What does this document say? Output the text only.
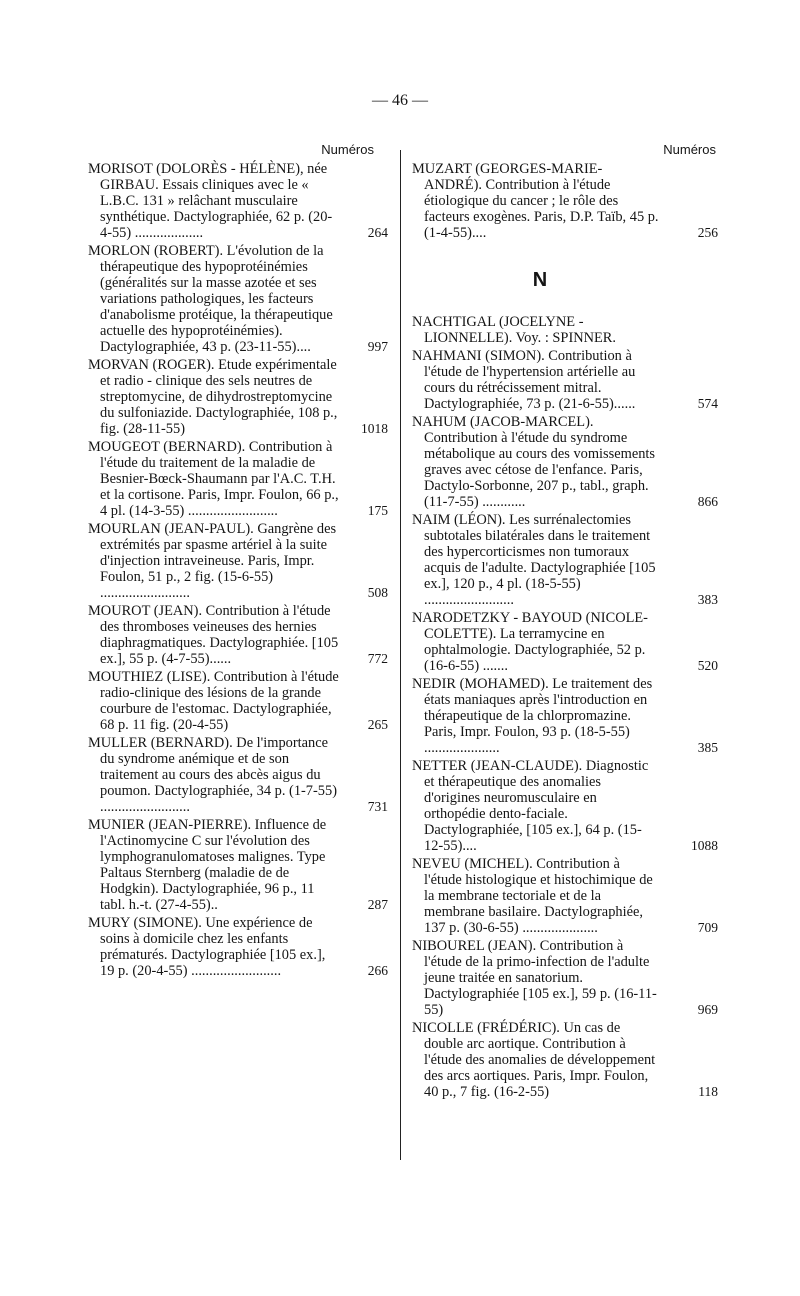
— 46 —
Numéros
MORISOT (DOLORÈS - HÉLÈNE), née GIRBAU. Essais cliniques avec le « L.B.C. 131 » relâchant musculaire synthétique. Dactylographiée, 62 p. (20-4-55) ...................	264
MORLON (ROBERT). L'évolution de la thérapeutique des hypoprotéinémies (généralités sur la masse azotée et ses variations pathologiques, les facteurs d'anabolisme protéique, la thérapeutique actuelle des hypoprotéinémies). Dactylographiée, 43 p. (23-11-55)....	997
MORVAN (ROGER). Etude expérimentale et radio - clinique des sels neutres de streptomycine, de dihydrostreptomycine du sulfoniazide. Dactylographiée, 108 p., fig. (28-11-55)	1018
MOUGEOT (BERNARD). Contribution à l'étude du traitement de la maladie de Besnier-Bœck-Shaumann par l'A.C. T.H. et la cortisone. Paris, Impr. Foulon, 66 p., 4 pl. (14-3-55) .........................	175
MOURLAN (JEAN-PAUL). Gangrène des extrémités par spasme artériel à la suite d'injection intraveineuse. Paris, Impr. Foulon, 51 p., 2 fig. (15-6-55) .........................	508
MOUROT (JEAN). Contribution à l'étude des thromboses veineuses des hernies diaphragmatiques. Dactylographiée. [105 ex.], 55 p. (4-7-55)......	772
MOUTHIEZ (LISE). Contribution à l'étude radio-clinique des lésions de la grande courbure de l'estomac. Dactylographiée, 68 p. 11 fig. (20-4-55)	265
MULLER (BERNARD). De l'importance du syndrome anémique et de son traitement au cours des abcès aigus du poumon. Dactylographiée, 34 p. (1-7-55) .........................	731
MUNIER (JEAN-PIERRE). Influence de l'Actinomycine C sur l'évolution des lymphogranulomatoses malignes. Type Paltaus Sternberg (maladie de de Hodgkin). Dactylographiée, 96 p., 11 tabl. h.-t. (27-4-55)..	287
MURY (SIMONE). Une expérience de soins à domicile chez les enfants prématurés. Dactylographiée [105 ex.], 19 p. (20-4-55) .........................	266
Numéros
MUZART (GEORGES-MARIE-ANDRÉ). Contribution à l'étude étiologique du cancer ; le rôle des facteurs exogènes. Paris, D.P. Taïb, 45 p. (1-4-55)....	256
N
NACHTIGAL (JOCELYNE - LIONNELLE). Voy. : SPINNER.
NAHMANI (SIMON). Contribution à l'étude de l'hypertension artérielle au cours du rétrécissement mitral. Dactylographiée, 73 p. (21-6-55)......	574
NAHUM (JACOB-MARCEL). Contribution à l'étude du syndrome métabolique au cours des vomissements graves avec cétose de l'enfance. Paris, Dactylo-Sorbonne, 207 p., tabl., graph. (11-7-55) ............	866
NAIM (LÉON). Les surrénalectomies subtotales bilatérales dans le traitement des hypercorticismes non tumoraux acquis de l'adulte. Dactylographiée [105 ex.], 120 p., 4 pl. (18-5-55) .........................	383
NARODETZKY - BAYOUD (NICOLE-COLETTE). La terramycine en ophtalmologie. Dactylographiée, 52 p. (16-6-55) .......	520
NEDIR (MOHAMED). Le traitement des états maniaques après l'introduction en thérapeutique de la chlorpromazine. Paris, Impr. Foulon, 93 p. (18-5-55) .....................	385
NETTER (JEAN-CLAUDE). Diagnostic et thérapeutique des anomalies d'origines neuromusculaire en orthopédie dento-faciale. Dactylographiée, [105 ex.], 64 p. (15-12-55)....	1088
NEVEU (MICHEL). Contribution à l'étude histologique et histochimique de la membrane tectoriale et de la membrane basilaire. Dactylographiée, 137 p. (30-6-55) .....................	709
NIBOUREL (JEAN). Contribution à l'étude de la primo-infection de l'adulte jeune traitée en sanatorium. Dactylographiée [105 ex.], 59 p. (16-11-55)	969
NICOLLE (FRÉDÉRIC). Un cas de double arc aortique. Contribution à l'étude des anomalies de développement des arcs aortiques. Paris, Impr. Foulon, 40 p., 7 fig. (16-2-55)	118
